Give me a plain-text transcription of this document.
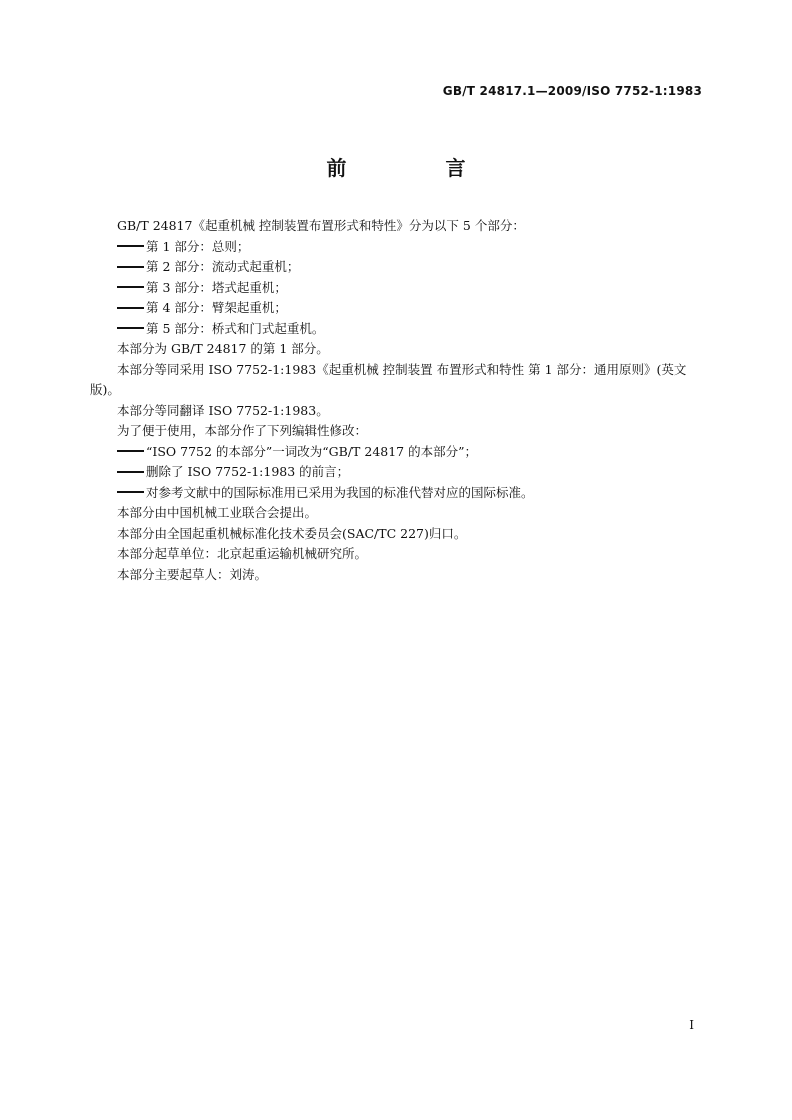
GB/T 24817.1—2009/ISO 7752-1:1983
前 言

GB/T 24817《起重机械 控制装置布置形式和特性》分为以下 5 个部分：

第 1 部分：总则；

第 2 部分：流动式起重机；

第 3 部分：塔式起重机；

第 4 部分：臂架起重机；

第 5 部分：桥式和门式起重机。

本部分为 GB/T 24817 的第 1 部分。

本部分等同采用 ISO 7752-1:1983《起重机械 控制装置 布置形式和特性 第 1 部分：通用原则》(英文版)。

本部分等同翻译 ISO 7752-1:1983。

为了便于使用，本部分作了下列编辑性修改：

“ISO 7752 的本部分”一词改为“GB/T 24817 的本部分”；

删除了 ISO 7752-1:1983 的前言；

对参考文献中的国际标准用已采用为我国的标准代替对应的国际标准。

本部分由中国机械工业联合会提出。

本部分由全国起重机械标准化技术委员会(SAC/TC 227)归口。

本部分起草单位：北京起重运输机械研究所。

本部分主要起草人：刘涛。

I
